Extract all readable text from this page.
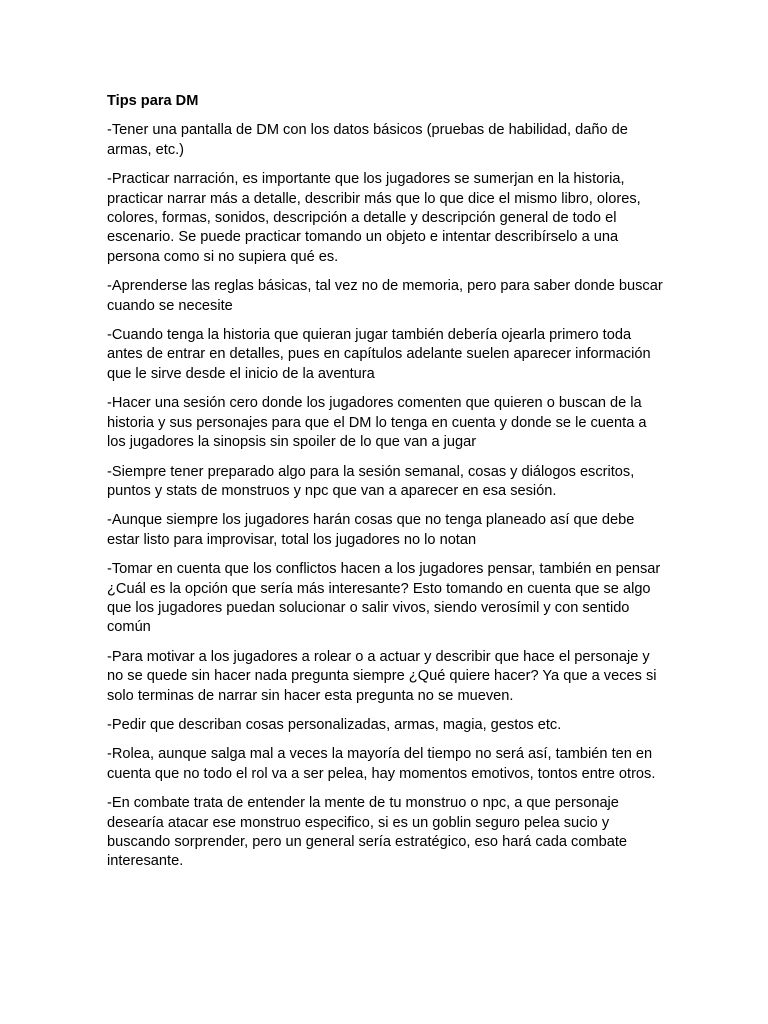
Tips para DM

-Tener una pantalla de DM con los datos básicos (pruebas de habilidad, daño de armas, etc.)

-Practicar narración, es importante que los jugadores se sumerjan en la historia, practicar narrar más a detalle, describir más que lo que dice el mismo libro, olores, colores, formas, sonidos, descripción a detalle y descripción general de todo el escenario. Se puede practicar tomando un objeto e intentar describírselo a una persona como si no supiera qué es.

-Aprenderse las reglas básicas, tal vez no de memoria, pero para saber donde buscar cuando se necesite

-Cuando tenga la historia que quieran jugar también debería ojearla primero toda antes de entrar en detalles, pues en capítulos adelante suelen aparecer información que le sirve desde el inicio de la aventura

-Hacer una sesión cero donde los jugadores comenten que quieren o buscan de la historia y sus personajes para que el DM lo tenga en cuenta y donde se le cuenta a los jugadores la sinopsis sin spoiler de lo que van a jugar

-Siempre tener preparado algo para la sesión semanal, cosas y diálogos escritos, puntos y stats de monstruos y npc que van a aparecer en esa sesión.

-Aunque siempre los jugadores harán cosas que no tenga planeado así que debe estar listo para improvisar, total los jugadores no lo notan

-Tomar en cuenta que los conflictos hacen a los jugadores pensar, también en pensar ¿Cuál es la opción que sería más interesante? Esto tomando en cuenta que se algo que los jugadores puedan solucionar o salir vivos, siendo verosímil y con sentido común

-Para motivar a los jugadores a rolear o a actuar y describir que hace el personaje y no se quede sin hacer nada pregunta siempre ¿Qué quiere hacer? Ya que a veces si solo terminas de narrar sin hacer esta pregunta no se mueven.

-Pedir que describan cosas personalizadas, armas, magia, gestos etc.

-Rolea, aunque salga mal a veces la mayoría del tiempo no será así, también ten en cuenta que no todo el rol va a ser pelea, hay momentos emotivos, tontos entre otros.

-En combate trata de entender la mente de tu monstruo o npc, a que personaje desearía atacar ese monstruo especifico, si es un goblin seguro pelea sucio y buscando sorprender, pero un general sería estratégico, eso hará cada combate interesante.
